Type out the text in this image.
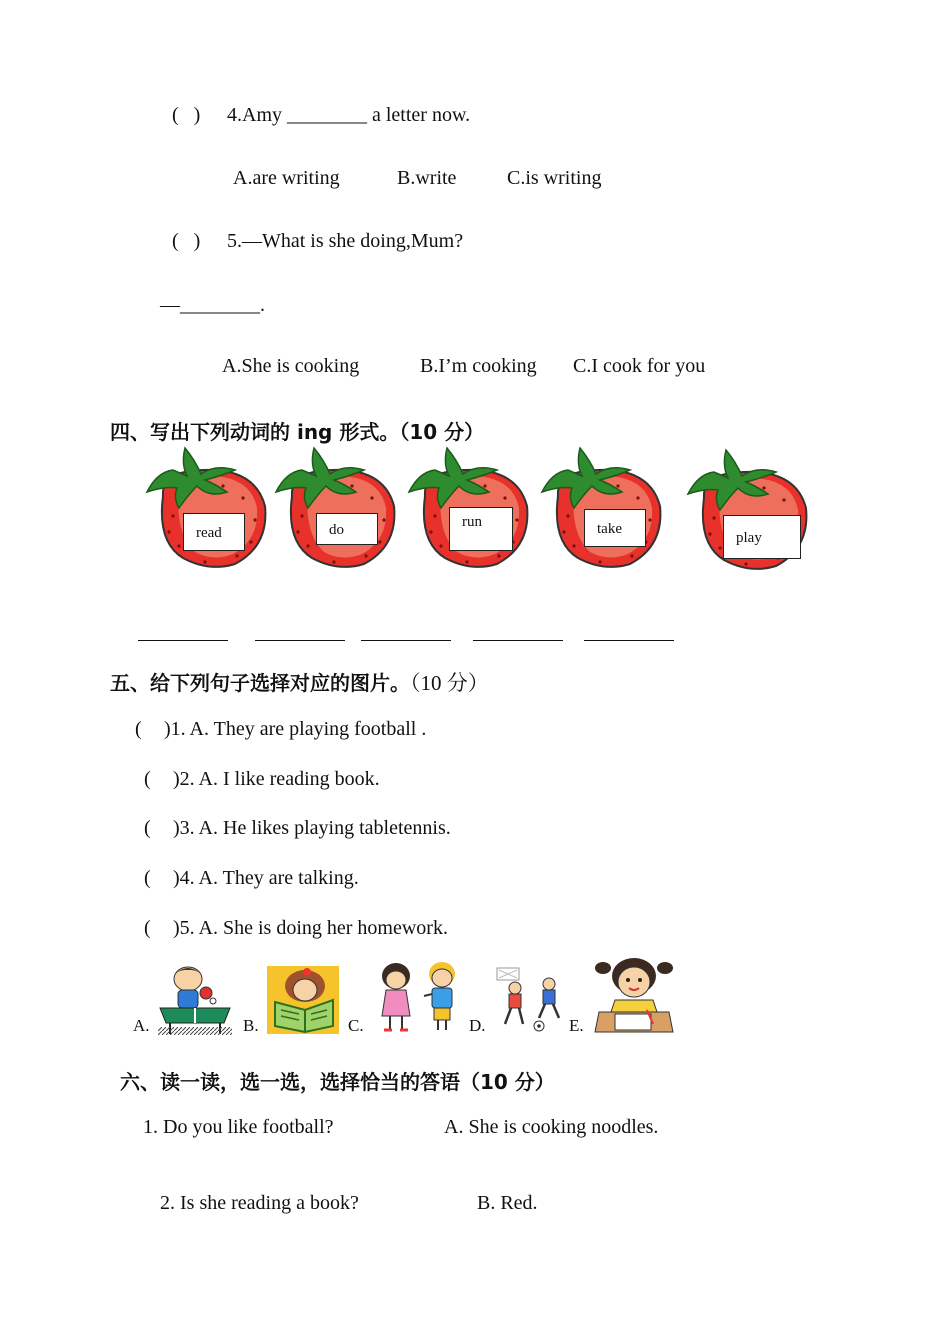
(   ) 4.Amy ________ a letter now.
A.are writing	B.write	C.is writing
(   ) 5.—What is she doing,Mum?
—________.
A.She is cooking	B.I’m cooking C.I cook for you
四、写出下列动词的 ing 形式。（10 分）
read	do	run	take
play
五、给下列句子选择对应的图片。（10 分）
( )1. A. They are playing football .
( )2. A. I like reading book.
( )3. A. He likes playing tabletennis.
( )4. A. They are talking.
( )5. A. She is doing her homework.
A.	B.	C.	D.	E.
六、读一读，选一选，选择恰当的答语（10 分）
1. Do you like football?	A. She is cooking noodles.
2. Is she reading a book?	B. Red.
